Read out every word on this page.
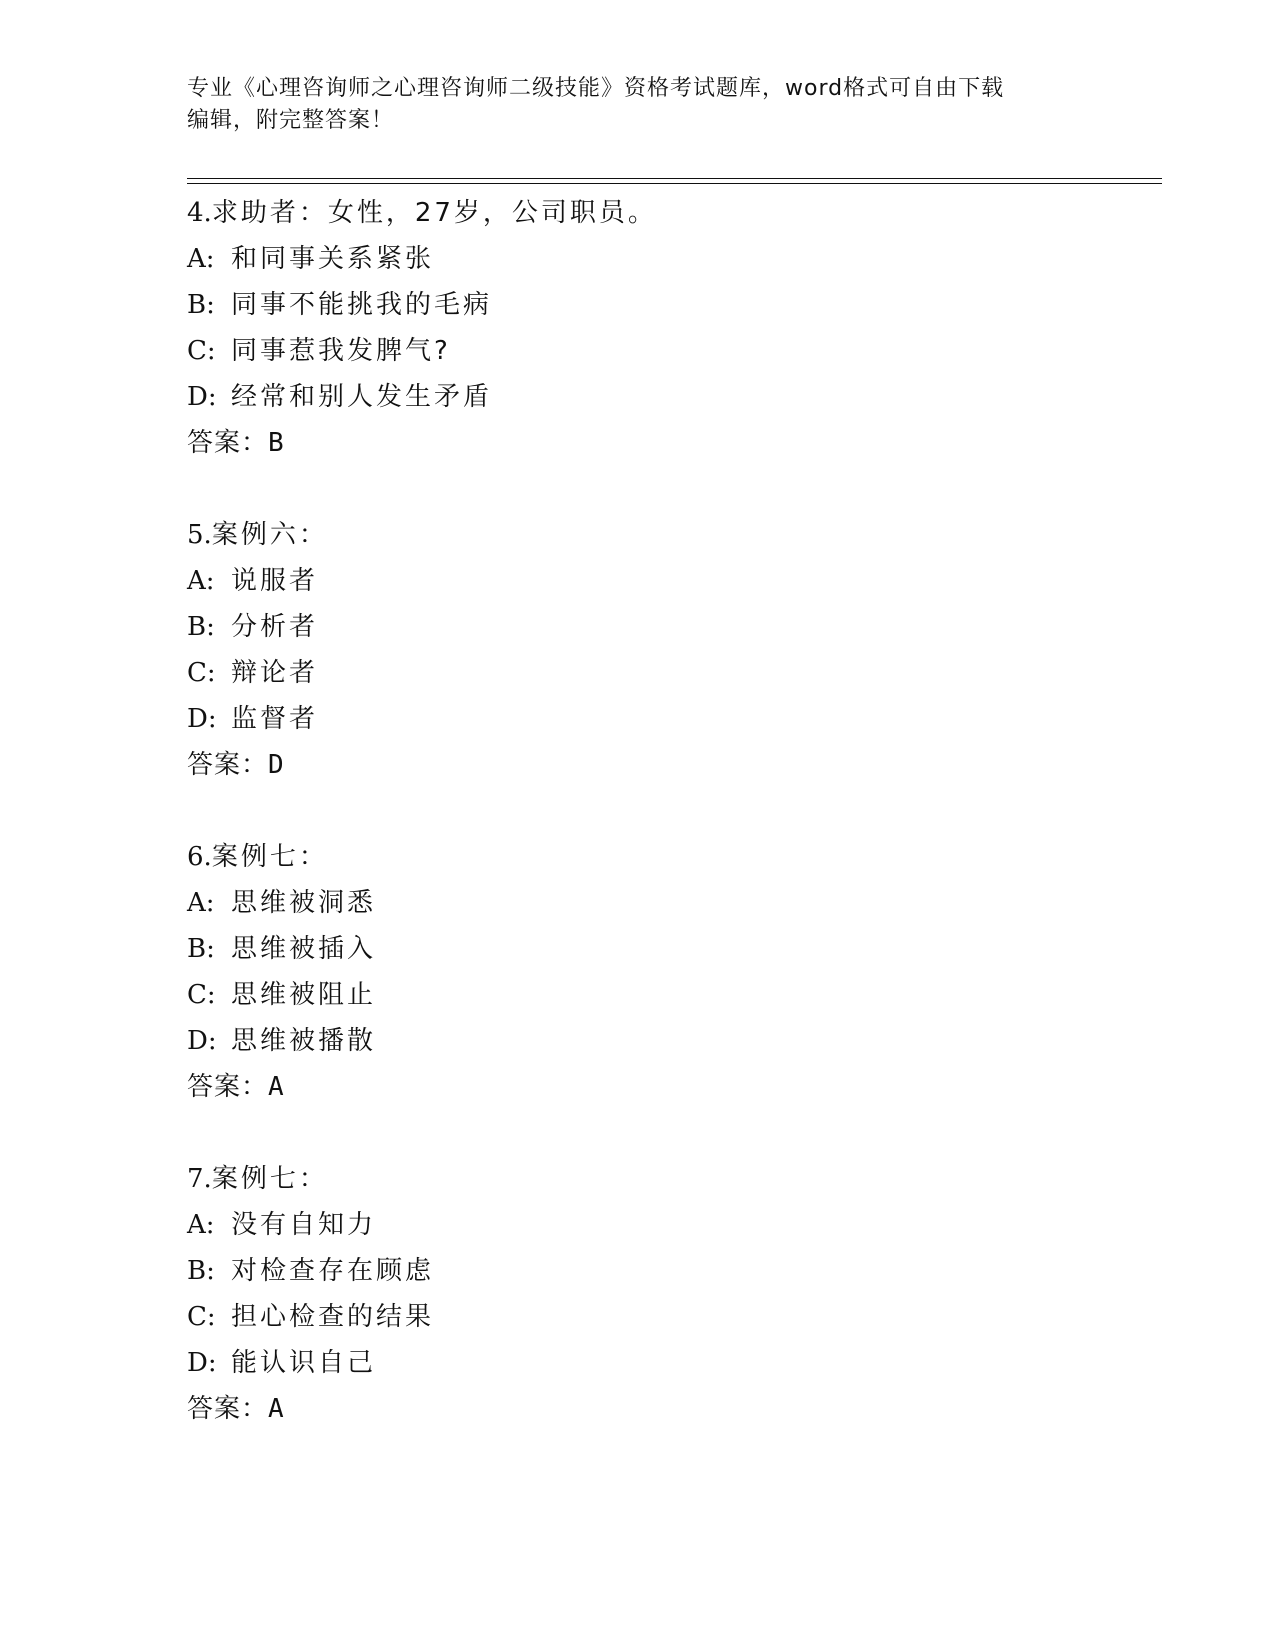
专业《心理咨询师之心理咨询师二级技能》资格考试题库，word格式可自由下载
编辑，附完整答案！
4.求助者：女性，27岁，公司职员。
A: 和同事关系紧张
B: 同事不能挑我的毛病
C: 同事惹我发脾气?
D: 经常和别人发生矛盾
答案：B
5.案例六：
A: 说服者
B: 分析者
C: 辩论者
D: 监督者
答案：D
6.案例七：
A: 思维被洞悉
B: 思维被插入
C: 思维被阻止
D: 思维被播散
答案：A
7.案例七：
A: 没有自知力
B: 对检查存在顾虑
C: 担心检查的结果
D: 能认识自己
答案：A
